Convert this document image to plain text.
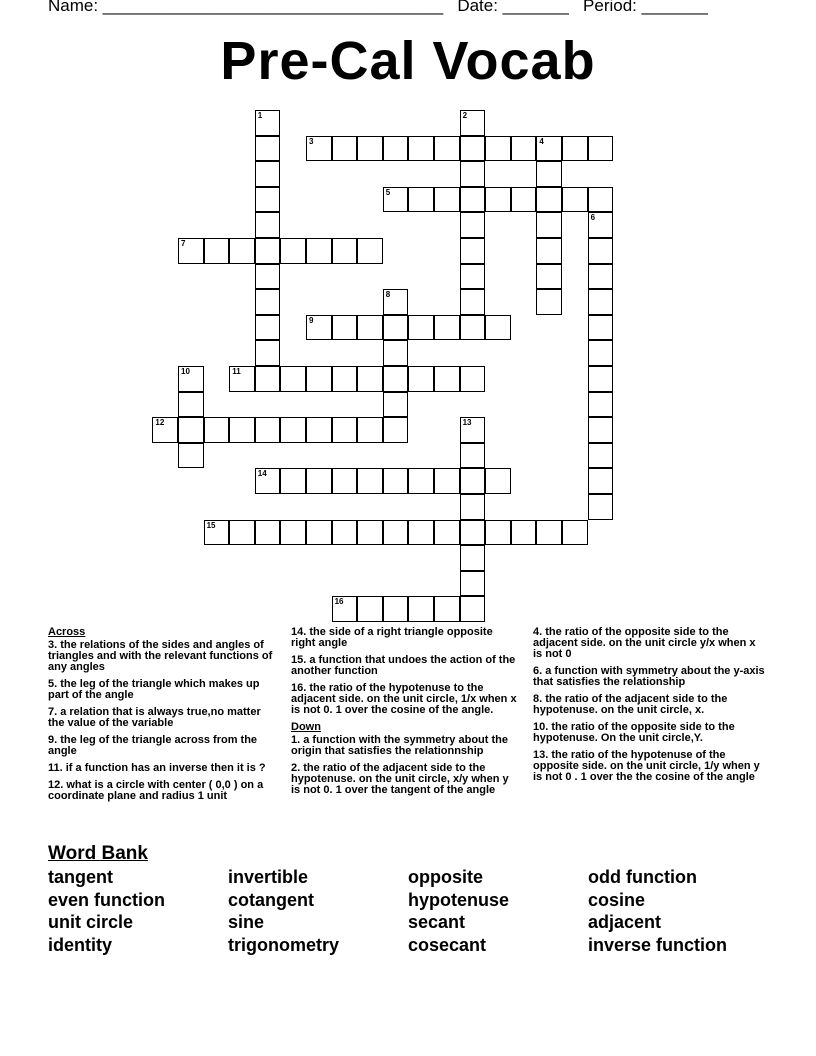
Name: ____________________________________   Date: _______   Period: _______
Pre-Cal Vocab
1	2
3	4
5
6
7
8
9
10	11
12	13
14
15
16
Across
3. the relations of the sides and angles of triangles and with the relevant functions of any angles
5. the leg of the triangle which makes up part of the angle
7. a relation that is always true,no matter the value of the variable
9. the leg of the triangle across from the angle
11. if a function has an inverse then it is ?
12. what is a circle with center ( 0,0 ) on a coordinate plane and radius 1 unit
14. the side of a right triangle opposite right angle
15. a function that undoes the action of the another function
16. the ratio of the hypotenuse to the adjacent side. on the unit circle, 1/x when x is not 0. 1 over the cosine of the angle.
Down
1. a function with the symmetry about the origin that satisfies the relationnship
2. the ratio of the adjacent side to the hypotenuse. on the unit circle, x/y when y is not 0. 1 over the tangent of the angle
4. the ratio of the opposite side to the adjacent side. on the unit circle y/x when x is not 0
6. a function with symmetry about the y-axis that satisfies the relationship
8. the ratio of the adjacent side to the hypotenuse. on the unit circle, x.
10. the ratio of the opposite side to the hypotenuse. On the unit circle,Y.
13. the ratio of the hypotenuse of the opposite side. on the unit circle, 1/y when y is not 0 . 1 over the the cosine of the angle
Word Bank
tangent	invertible	opposite	odd function
even function	cotangent	hypotenuse	cosine
unit circle	sine	secant	adjacent
identity	trigonometry	cosecant	inverse function
